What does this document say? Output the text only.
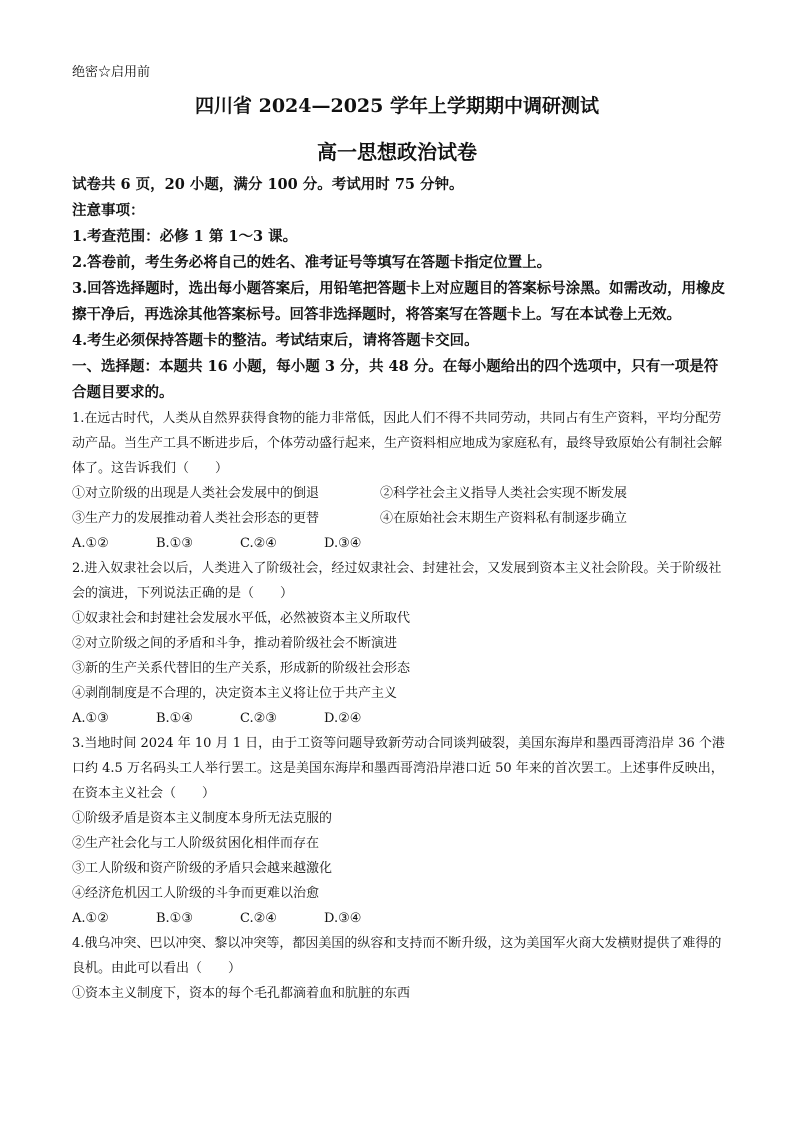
绝密☆启用前
四川省 2024—2025 学年上学期期中调研测试
高一思想政治试卷

试卷共 6 页，20 小题，满分 100 分。考试用时 75 分钟。

注意事项：

1.考查范围：必修 1 第 1～3 课。

2.答卷前，考生务必将自己的姓名、准考证号等填写在答题卡指定位置上。

3.回答选择题时，选出每小题答案后，用铅笔把答题卡上对应题目的答案标号涂黑。如需改动，用橡皮擦干净后，再选涂其他答案标号。回答非选择题时，将答案写在答题卡上。写在本试卷上无效。

4.考生必须保持答题卡的整洁。考试结束后，请将答题卡交回。

一、选择题：本题共 16 小题，每小题 3 分，共 48 分。在每小题给出的四个选项中，只有一项是符合题目要求的。

1.在远古时代，人类从自然界获得食物的能力非常低，因此人们不得不共同劳动，共同占有生产资料，平均分配劳动产品。当生产工具不断进步后，个体劳动盛行起来，生产资料相应地成为家庭私有，最终导致原始公有制社会解体了。这告诉我们（　　）

①对立阶级的出现是人类社会发展中的倒退	②科学社会主义指导人类社会实现不断发展
③生产力的发展推动着人类社会形态的更替	④在原始社会末期生产资料私有制逐步确立
A.①②	B.①③	C.②④	D.③④

2.进入奴隶社会以后，人类进入了阶级社会，经过奴隶社会、封建社会，又发展到资本主义社会阶段。关于阶级社会的演进，下列说法正确的是（　　）

①奴隶社会和封建社会发展水平低，必然被资本主义所取代

②对立阶级之间的矛盾和斗争，推动着阶级社会不断演进

③新的生产关系代替旧的生产关系，形成新的阶级社会形态

④剥削制度是不合理的，决定资本主义将让位于共产主义

A.①③	B.①④	C.②③	D.②④

3.当地时间 2024 年 10 月 1 日，由于工资等问题导致新劳动合同谈判破裂，美国东海岸和墨西哥湾沿岸 36 个港口约 4.5 万名码头工人举行罢工。这是美国东海岸和墨西哥湾沿岸港口近 50 年来的首次罢工。上述事件反映出，在资本主义社会（　　）

①阶级矛盾是资本主义制度本身所无法克服的

②生产社会化与工人阶级贫困化相伴而存在

③工人阶级和资产阶级的矛盾只会越来越激化

④经济危机因工人阶级的斗争而更难以治愈

A.①②	B.①③	C.②④	D.③④

4.俄乌冲突、巴以冲突、黎以冲突等，都因美国的纵容和支持而不断升级，这为美国军火商大发横财提供了难得的良机。由此可以看出（　　）

①资本主义制度下，资本的每个毛孔都滴着血和肮脏的东西
